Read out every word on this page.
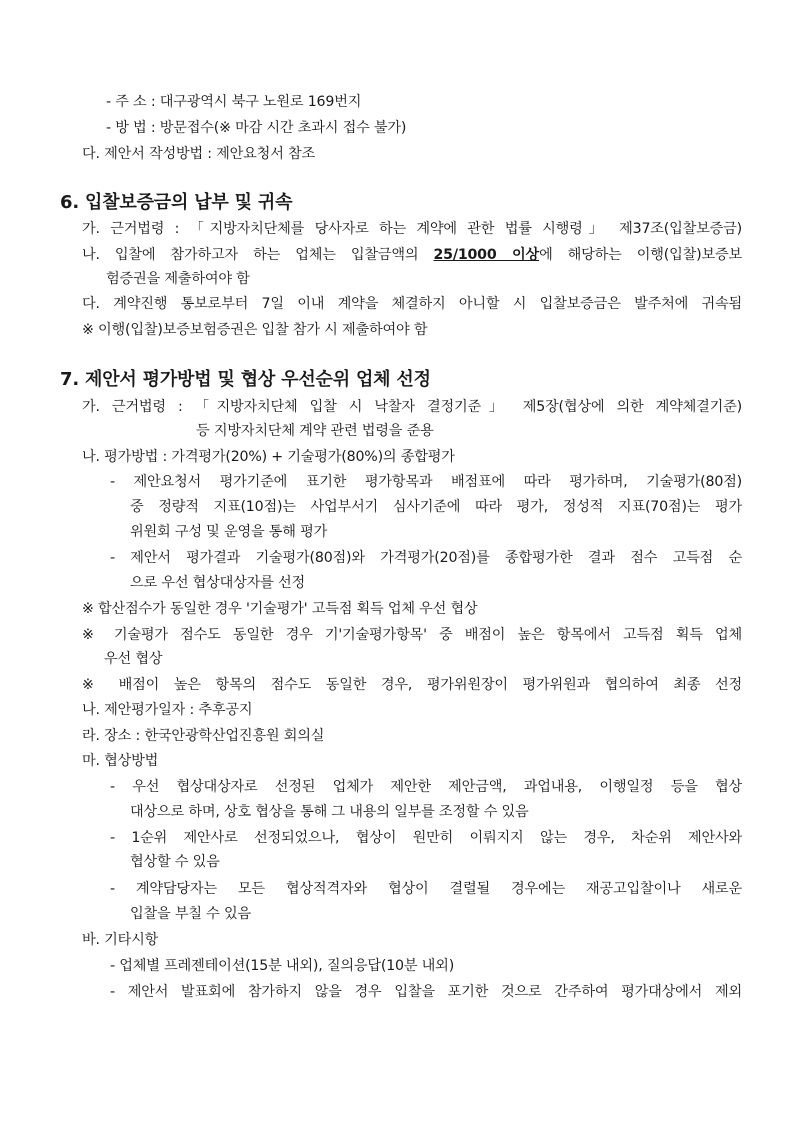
- 주 소 : 대구광역시 북구 노원로 169번지
- 방 법 : 방문접수(※ 마감 시간 초과시 접수 불가)
다. 제안서 작성방법 : 제안요청서 참조
6. 입찰보증금의 납부 및 귀속
가. 근거법령 : 「지방자치단체를 당사자로 하는 계약에 관한 법률 시행령」 제37조(입찰보증금)
나. 입찰에 참가하고자 하는 업체는 입찰금액의 25/1000 이상에 해당하는 이행(입찰)보증보
험증권을 제출하여야 함
다. 계약진행 통보로부터 7일 이내 계약을 체결하지 아니할 시 입찰보증금은 발주처에 귀속됨
※ 이행(입찰)보증보험증권은 입찰 참가 시 제출하여야 함
7. 제안서 평가방법 및 협상 우선순위 업체 선정
가. 근거법령 : 「지방자치단체 입찰 시 낙찰자 결정기준」 제5장(협상에 의한 계약체결기준)
등 지방자치단체 계약 관련 법령을 준용
나. 평가방법 : 가격평가(20%) + 기술평가(80%)의 종합평가
- 제안요청서 평가기준에 표기한 평가항목과 배점표에 따라 평가하며, 기술평가(80점)
중 정량적 지표(10점)는 사업부서기 심사기준에 따라 평가, 정성적 지표(70점)는 평가
위원회 구성 및 운영을 통해 평가
- 제안서 평가결과 기술평가(80점)와 가격평가(20점)를 종합평가한 결과 점수 고득점 순
으로 우선 협상대상자를 선정
※ 합산점수가 동일한 경우 '기술평가' 고득점 획득 업체 우선 협상
※ 기술평가 점수도 동일한 경우 기'기술평가항목' 중 배점이 높은 항목에서 고득점 획득 업체
우선 협상
※ 배점이 높은 항목의 점수도 동일한 경우, 평가위원장이 평가위원과 협의하여 최종 선정
나. 제안평가일자 : 추후공지
라. 장소 : 한국안광학산업진흥원 회의실
마. 협상방법
- 우선 협상대상자로 선정된 업체가 제안한 제안금액, 과업내용, 이행일정 등을 협상
대상으로 하며, 상호 협상을 통해 그 내용의 일부를 조정할 수 있음
- 1순위 제안사로 선정되었으나, 협상이 원만히 이뤄지지 않는 경우, 차순위 제안사와
협상할 수 있음
- 계약담당자는 모든 협상적격자와 협상이 결렬될 경우에는 재공고입찰이나 새로운
입찰을 부칠 수 있음
바. 기타시항
- 업체별 프레젠테이션(15분 내외), 질의응답(10분 내외)
- 제안서 발표회에 참가하지 않을 경우 입찰을 포기한 것으로 간주하여 평가대상에서 제외
